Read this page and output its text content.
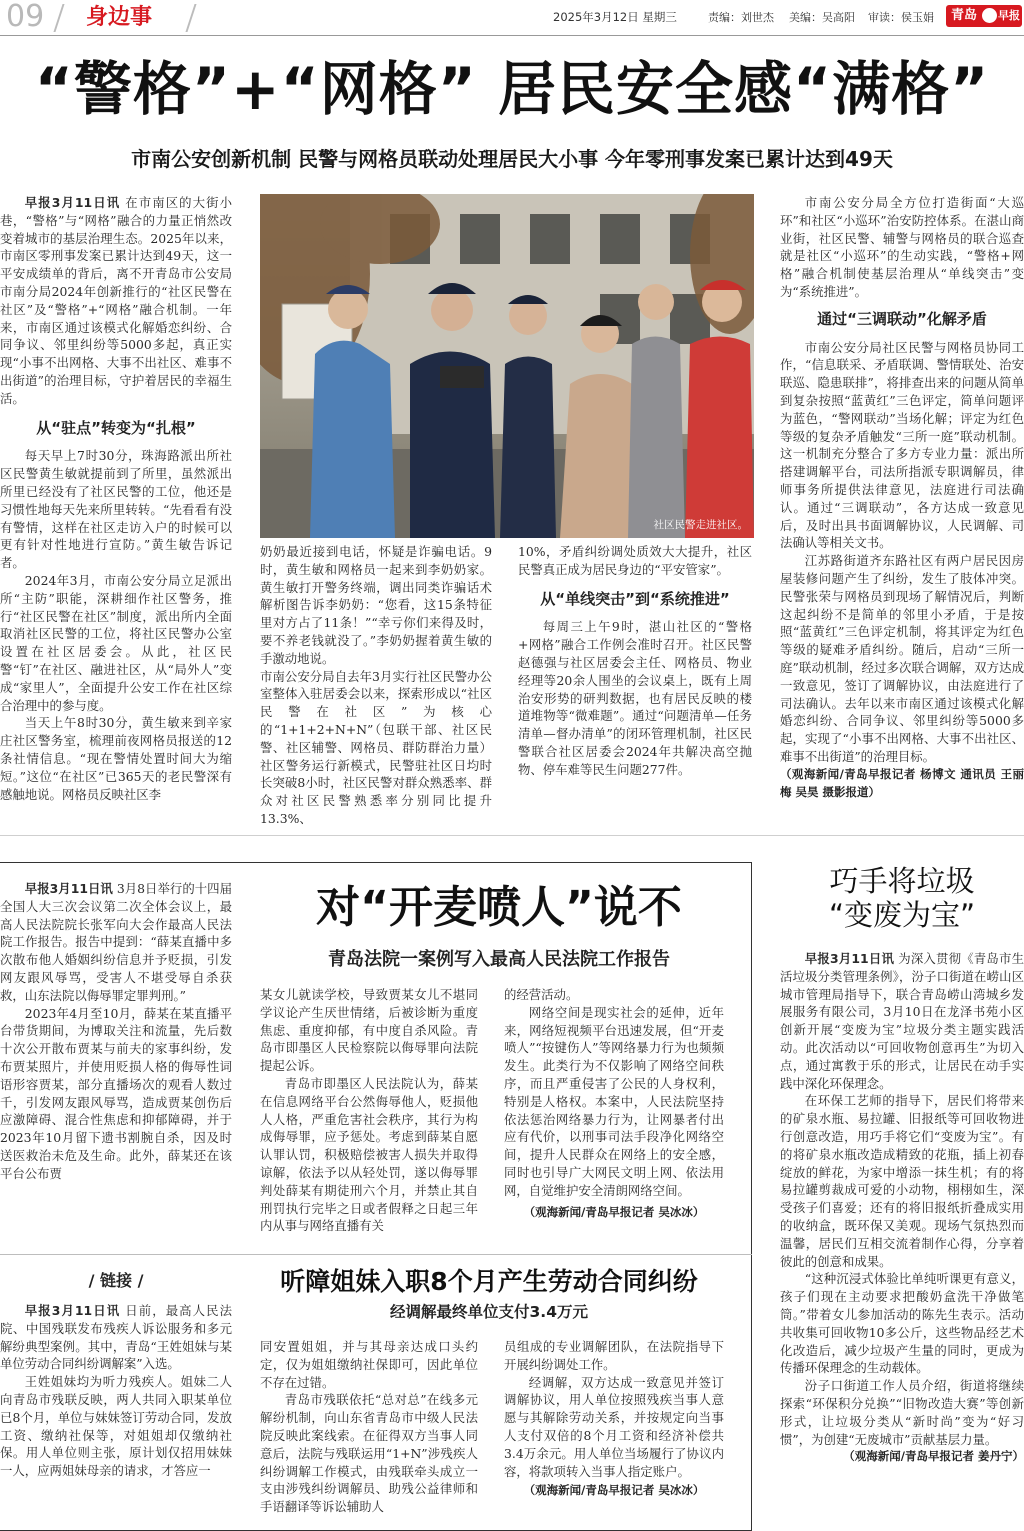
09 身边事	2025年3月12日 星期三	责编：刘世杰 美编：吴高阳 审读：侯玉娟 青岛 早报
“警格”+“网格” 居民安全感“满格”
市南公安创新机制 民警与网格员联动处理居民大小事 今年零刑事发案已累计达到49天

早报3月11日讯 在市南区的大街小巷，“警格”与“网格”融合的力量正悄然改变着城市的基层治理生态。2025年以来，市南区零刑事发案已累计达到49天，这一平安成绩单的背后，离不开青岛市公安局市南分局2024年创新推行的“社区民警在社区”及“警格”+“网格”融合机制。一年来，市南区通过该模式化解婚恋纠纷、合同争议、邻里纠纷等5000多起，真正实现“小事不出网格、大事不出社区、难事不出街道”的治理目标，守护着居民的幸福生活。

从“驻点”转变为“扎根”

每天早上7时30分，珠海路派出所社区民警黄生敏就提前到了所里，虽然派出所里已经没有了社区民警的工位，他还是习惯性地每天先来所里转转。“先看看有没有警情，这样在社区走访入户的时候可以更有针对性地进行宣防。”黄生敏告诉记者。

2024年3月，市南公安分局立足派出所“主防”职能，深耕细作社区警务，推行“社区民警在社区”制度，派出所内全面取消社区民警的工位，将社区民警办公室设置在社区居委会。从此，社区民警“钉”在社区、融进社区，从“局外人”变成“家里人”，全面提升公安工作在社区综合治理中的参与度。

当天上午8时30分，黄生敏来到辛家庄社区警务室，梳理前夜网格员报送的12条社情信息。“现在警情处置时间大为缩短。”这位“在社区”已365天的老民警深有感触地说。网格员反映社区李

社区民警走进社区。

奶奶最近接到电话，怀疑是诈骗电话。9时，黄生敏和网格员一起来到李奶奶家。黄生敏打开警务终端，调出同类诈骗话术解析图告诉李奶奶：“您看，这15条特征里对方占了11条！”“幸亏你们来得及时，要不养老钱就没了。”李奶奶握着黄生敏的手激动地说。

市南公安分局自去年3月实行社区民警办公室整体入驻居委会以来，探索形成以“社区民警在社区”为核心的“1+1+2+N+N”（包联干部、社区民警、社区辅警、网格员、群防群治力量）社区警务运行新模式，民警驻社区日均时长突破8小时，社区民警对群众熟悉率、群众对社区民警熟悉率分别同比提升13.3%、

10%，矛盾纠纷调处质效大大提升，社区民警真正成为居民身边的“平安管家”。

从“单线突击”到“系统推进”

每周三上午9时，湛山社区的“警格+网格”融合工作例会准时召开。社区民警赵德强与社区居委会主任、网格员、物业经理等20余人围坐的会议桌上，既有上周治安形势的研判数据，也有居民反映的楼道堆物等“微难题”。通过“问题清单—任务清单—督办清单”的闭环管理机制，社区民警联合社区居委会2024年共解决高空抛物、停车难等民生问题277件。

市南公安分局全方位打造街面“大巡环”和社区“小巡环”治安防控体系。在湛山商业街，社区民警、辅警与网格员的联合巡查就是社区“小巡环”的生动实践，“警格+网格”融合机制使基层治理从“单线突击”变为“系统推进”。

通过“三调联动”化解矛盾

市南公安分局社区民警与网格员协同工作，“信息联采、矛盾联调、警情联处、治安联巡、隐患联排”，将排查出来的问题从简单到复杂按照“蓝黄红”三色评定，简单问题评为蓝色，“警网联动”当场化解；评定为红色等级的复杂矛盾触发“三所一庭”联动机制。这一机制充分整合了多方专业力量：派出所搭建调解平台，司法所指派专职调解员，律师事务所提供法律意见，法庭进行司法确认。通过“三调联动”，各方达成一致意见后，及时出具书面调解协议，人民调解、司法确认等相关文书。

江苏路街道齐东路社区有两户居民因房屋装修问题产生了纠纷，发生了肢体冲突。民警张荣与网格员到现场了解情况后，判断这起纠纷不是简单的邻里小矛盾，于是按照“蓝黄红”三色评定机制，将其评定为红色等级的疑难矛盾纠纷。随后，启动“三所一庭”联动机制，经过多次联合调解，双方达成一致意见，签订了调解协议，由法庭进行了司法确认。去年以来市南区通过该模式化解婚恋纠纷、合同争议、邻里纠纷等5000多起，实现了“小事不出网格、大事不出社区、难事不出街道”的治理目标。

（观海新闻/青岛早报记者 杨博文 通讯员 王丽梅 吴昊 摄影报道）

对“开麦喷人”说不
青岛法院一案例写入最高人民法院工作报告

早报3月11日讯 3月8日举行的十四届全国人大三次会议第二次全体会议上，最高人民法院院长张军向大会作最高人民法院工作报告。报告中提到：“薛某直播中多次散布他人婚姻纠纷信息并予贬损，引发网友跟风辱骂，受害人不堪受辱自杀获救，山东法院以侮辱罪定罪判刑。”

2023年4月至10月，薛某在某直播平台带货期间，为博取关注和流量，先后数十次公开散布贾某与前夫的家事纠纷，发布贾某照片，并使用贬损人格的侮辱性词语形容贾某，部分直播场次的观看人数过千，引发网友跟风辱骂，造成贾某创伤后应激障碍、混合性焦虑和抑郁障碍，并于2023年10月留下遗书割腕自杀，因及时送医救治未危及生命。此外，薛某还在该平台公布贾

某女儿就读学校，导致贾某女儿不堪同学议论产生厌世情绪，后被诊断为重度焦虑、重度抑郁，有中度自杀风险。青岛市即墨区人民检察院以侮辱罪向法院提起公诉。

青岛市即墨区人民法院认为，薛某在信息网络平台公然侮辱他人，贬损他人人格，严重危害社会秩序，其行为构成侮辱罪，应予惩处。考虑到薛某自愿认罪认罚，积极赔偿被害人损失并取得谅解，依法予以从轻处罚，遂以侮辱罪判处薛某有期徒刑六个月，并禁止其自刑罚执行完毕之日或者假释之日起三年内从事与网络直播有关

的经营活动。

网络空间是现实社会的延伸，近年来，网络短视频平台迅速发展，但“开麦喷人”“按键伤人”等网络暴力行为也频频发生。此类行为不仅影响了网络空间秩序，而且严重侵害了公民的人身权利，特别是人格权。本案中，人民法院坚持依法惩治网络暴力行为，让网暴者付出应有代价，以刑事司法手段净化网络空间，提升人民群众在网络上的安全感，同时也引导广大网民文明上网、依法用网，自觉维护安全清朗网络空间。

（观海新闻/青岛早报记者 吴冰冰）

/ 链接 /	听障姐妹入职8个月产生劳动合同纠纷
经调解最终单位支付3.4万元

早报3月11日讯 日前，最高人民法院、中国残联发布残疾人诉讼服务和多元解纷典型案例。其中，青岛“王姓姐妹与某单位劳动合同纠纷调解案”入选。

王姓姐妹均为听力残疾人。姐妹二人向青岛市残联反映，两人共同入职某单位已8个月，单位与妹妹签订劳动合同，发放工资、缴纳社保等，对姐姐却仅缴纳社保。用人单位则主张，原计划仅招用妹妹一人，应两姐妹母亲的请求，才答应一

同安置姐姐，并与其母亲达成口头约定，仅为姐姐缴纳社保即可，因此单位不存在过错。

青岛市残联依托“总对总”在线多元解纷机制，向山东省青岛市中级人民法院反映此案线索。在征得双方当事人同意后，法院与残联运用“1+N”涉残疾人纠纷调解工作模式，由残联牵头成立一支由涉残纠纷调解员、助残公益律师和手语翻译等诉讼辅助人

员组成的专业调解团队，在法院指导下开展纠纷调处工作。

经调解，双方达成一致意见并签订调解协议，用人单位按照残疾当事人意愿与其解除劳动关系，并按规定向当事人支付双倍的8个月工资和经济补偿共3.4万余元。用人单位当场履行了协议内容，将款项转入当事人指定账户。

（观海新闻/青岛早报记者 吴冰冰）

巧手将垃圾
“变废为宝”

早报3月11日讯 为深入贯彻《青岛市生活垃圾分类管理条例》，汾子口街道在崂山区城市管理局指导下，联合青岛崂山湾城乡发展服务有限公司，3月10日在龙泽书苑小区创新开展“变废为宝”垃圾分类主题实践活动。此次活动以“可回收物创意再生”为切入点，通过寓教于乐的形式，让居民在动手实践中深化环保理念。

在环保工艺师的指导下，居民们将带来的矿泉水瓶、易拉罐、旧报纸等可回收物进行创意改造，用巧手将它们“变废为宝”。有的将矿泉水瓶改造成精致的花瓶，插上初春绽放的鲜花，为家中增添一抹生机；有的将易拉罐剪裁成可爱的小动物，栩栩如生，深受孩子们喜爱；还有的将旧报纸折叠成实用的收纳盒，既环保又美观。现场气氛热烈而温馨，居民们互相交流着制作心得，分享着彼此的创意和成果。

“这种沉浸式体验比单纯听课更有意义，孩子们现在主动要求把酸奶盒洗干净做笔筒。”带着女儿参加活动的陈先生表示。活动共收集可回收物10多公斤，这些物品经艺术化改造后，减少垃圾产生量的同时，更成为传播环保理念的生动载体。

汾子口街道工作人员介绍，街道将继续探索“环保积分兑换”“旧物改造大赛”等创新形式，让垃圾分类从“新时尚”变为“好习惯”，为创建“无废城市”贡献基层力量。

（观海新闻/青岛早报记者 姜丹宁）
